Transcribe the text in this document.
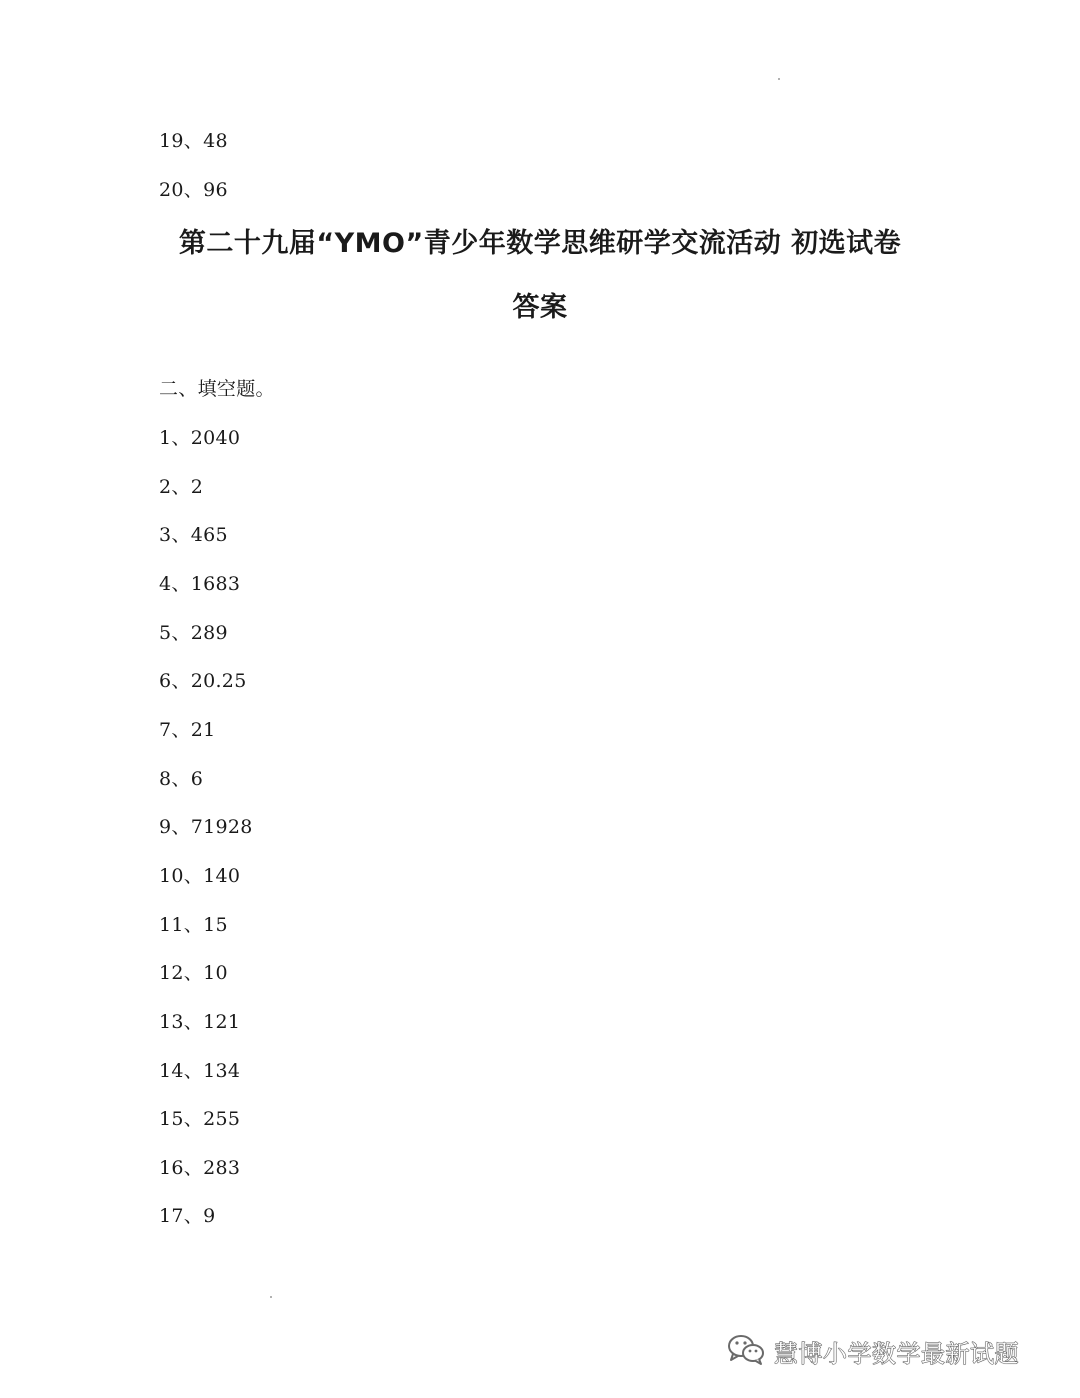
19、48
20、96
第二十九届“YMO”青少年数学思维研学交流活动 初选试卷
答案
二、填空题。
1、2040
2、2
3、465
4、1683
5、289
6、20.25
7、21
8、6
9、71928
10、140
11、15
12、10
13、121
14、134
15、255
16、283
17、9
慧博小学数学最新试题
